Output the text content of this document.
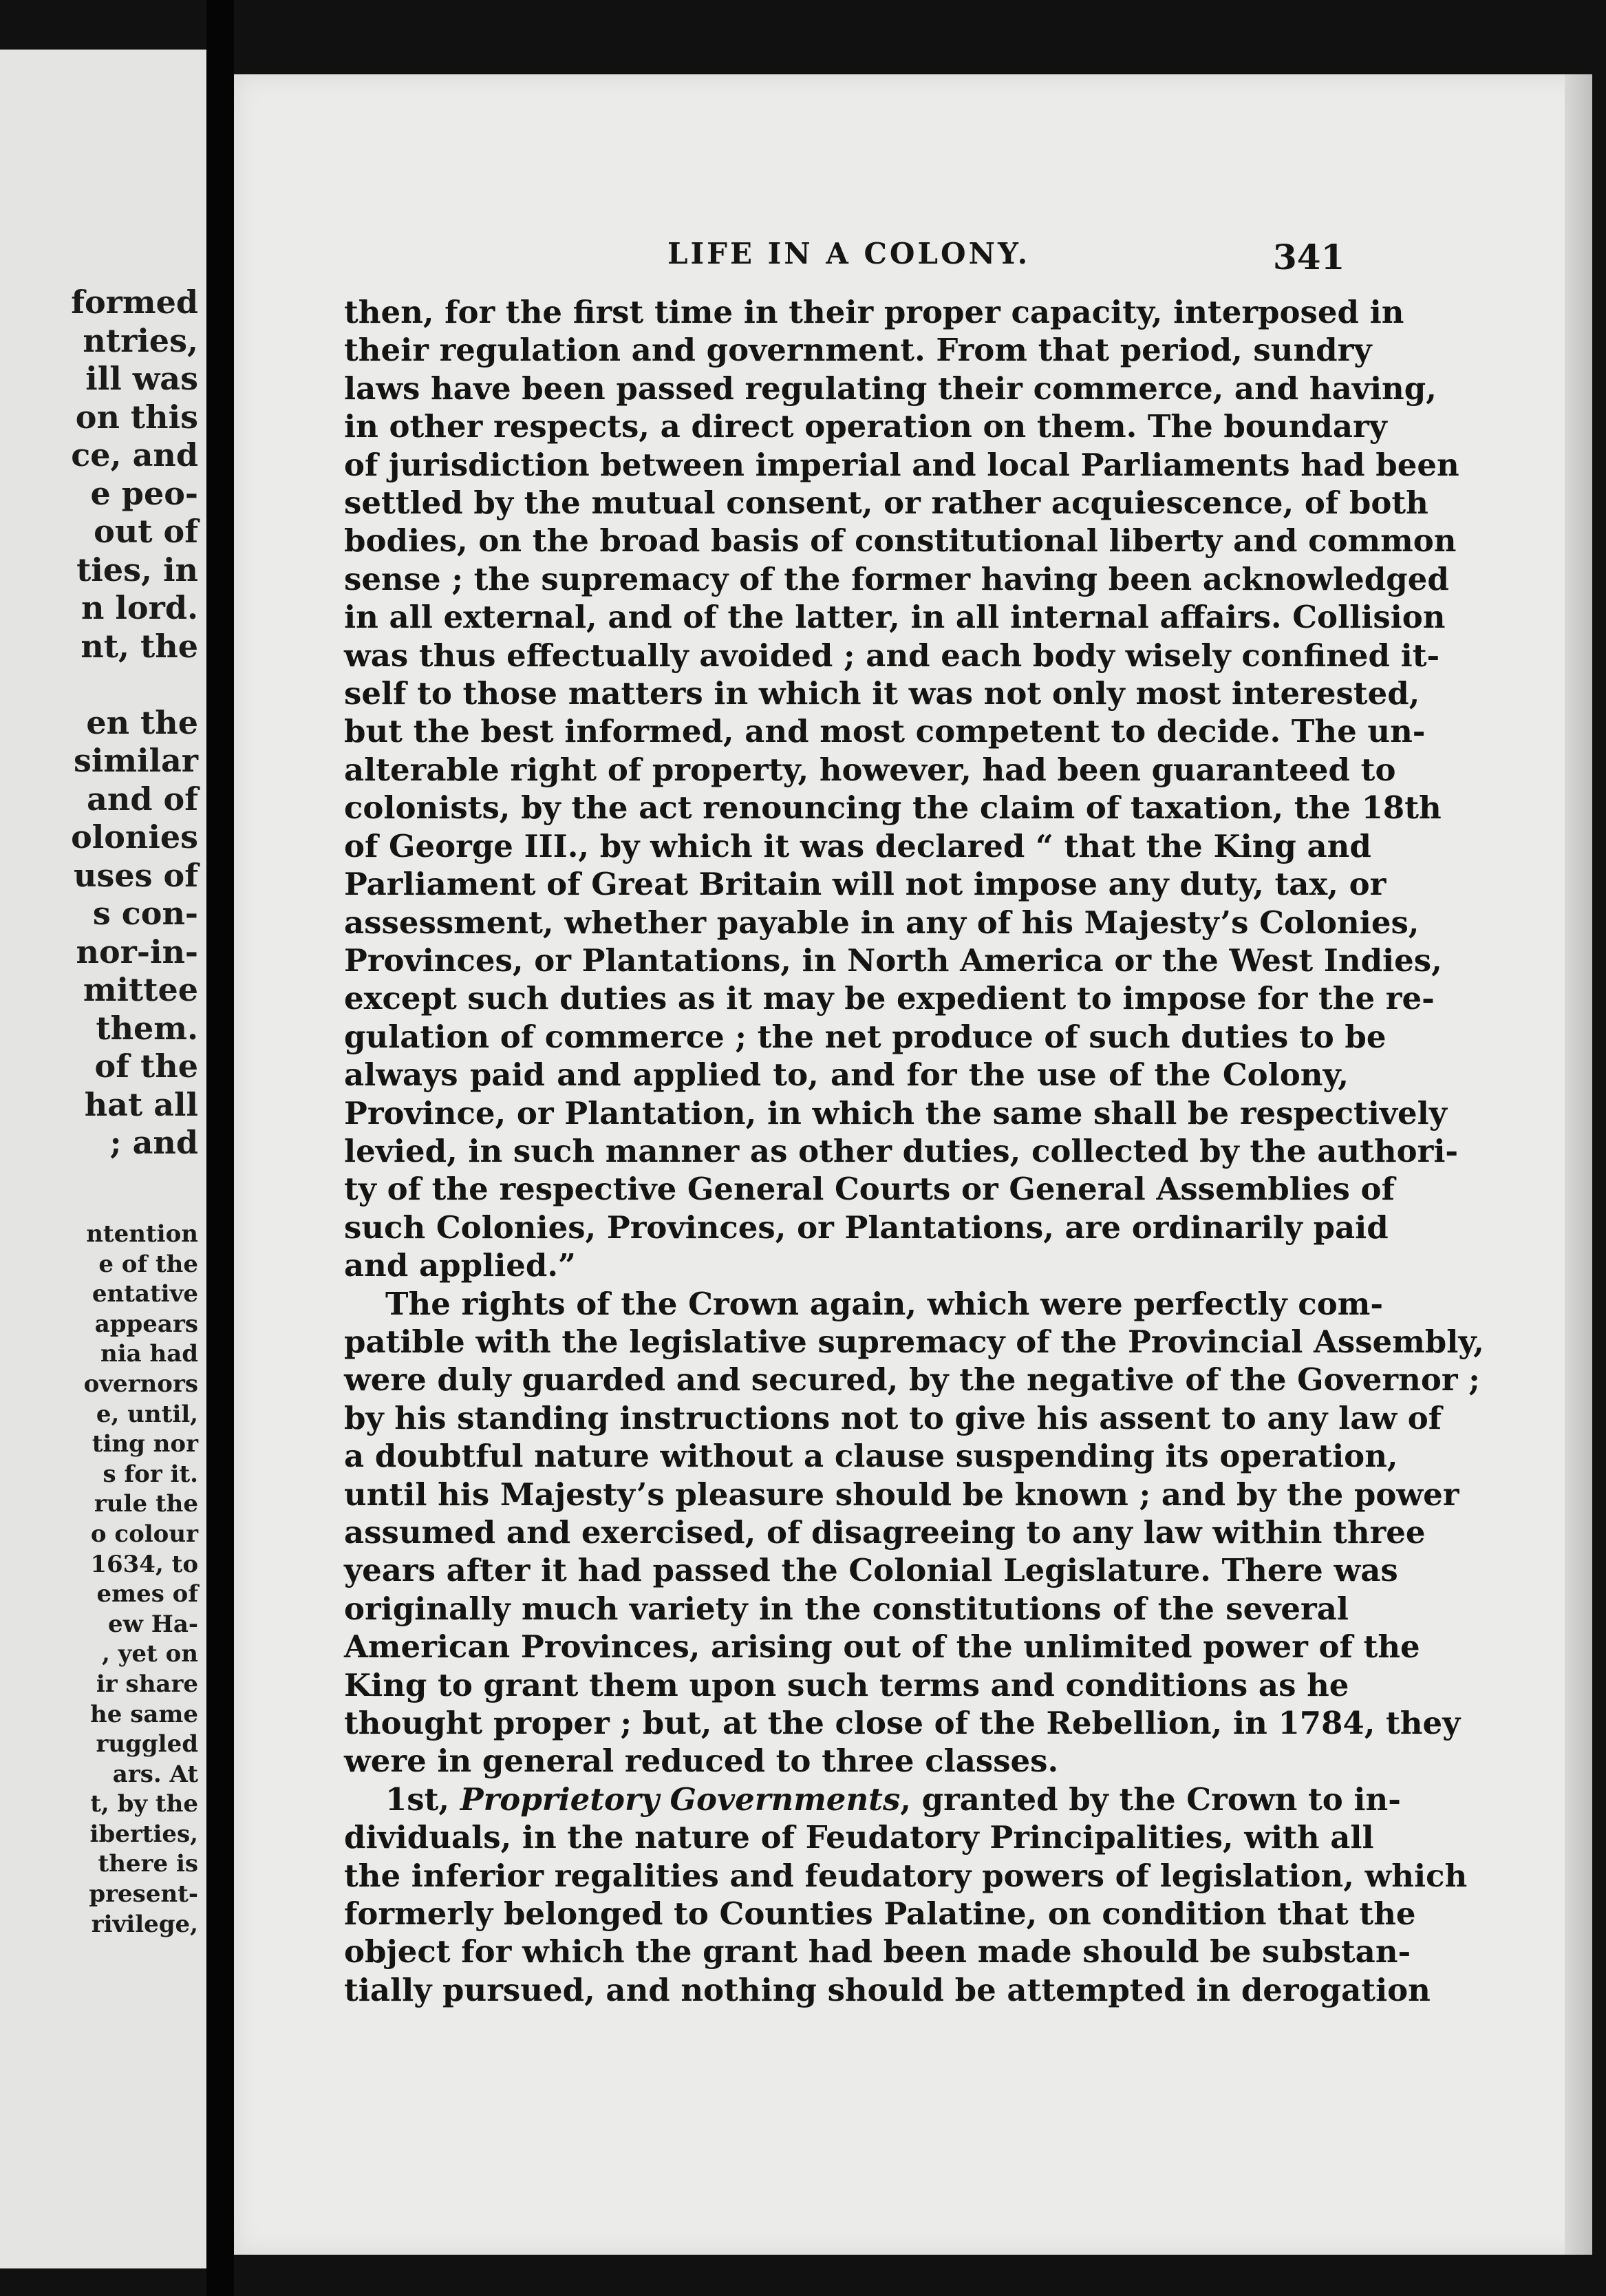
formed
ntries,
ill was
on this
ce, and
e peo-
out of
ties, in
n lord.
nt, the

en the
similar
and of
olonies
uses of
s con-
nor-in-
mittee
them.
of the
hat all
; and
ntention
e of the
entative
appears
nia had
overnors
e, until,
ting nor
s for it.
rule the
o colour
1634, to
emes of
ew Ha-
, yet on
ir share
he same
ruggled
ars. At
t, by the
iberties,
there is
present-
rivilege,
LIFE IN A COLONY.	341
then, for the first time in their proper capacity, interposed in
their regulation and government. From that period, sundry
laws have been passed regulating their commerce, and having,
in other respects, a direct operation on them. The boundary
of jurisdiction between imperial and local Parliaments had been
settled by the mutual consent, or rather acquiescence, of both
bodies, on the broad basis of constitutional liberty and common
sense ; the supremacy of the former having been acknowledged
in all external, and of the latter, in all internal affairs. Collision
was thus effectually avoided ; and each body wisely confined it-
self to those matters in which it was not only most interested,
but the best informed, and most competent to decide. The un-
alterable right of property, however, had been guaranteed to
colonists, by the act renouncing the claim of taxation, the 18th
of George III., by which it was declared “ that the King and
Parliament of Great Britain will not impose any duty, tax, or
assessment, whether payable in any of his Majesty’s Colonies,
Provinces, or Plantations, in North America or the West Indies,
except such duties as it may be expedient to impose for the re-
gulation of commerce ; the net produce of such duties to be
always paid and applied to, and for the use of the Colony,
Province, or Plantation, in which the same shall be respectively
levied, in such manner as other duties, collected by the authori-
ty of the respective General Courts or General Assemblies of
such Colonies, Provinces, or Plantations, are ordinarily paid
and applied.”
The rights of the Crown again, which were perfectly com-
patible with the legislative supremacy of the Provincial Assembly,
were duly guarded and secured, by the negative of the Governor ;
by his standing instructions not to give his assent to any law of
a doubtful nature without a clause suspending its operation,
until his Majesty’s pleasure should be known ; and by the power
assumed and exercised, of disagreeing to any law within three
years after it had passed the Colonial Legislature. There was
originally much variety in the constitutions of the several
American Provinces, arising out of the unlimited power of the
King to grant them upon such terms and conditions as he
thought proper ; but, at the close of the Rebellion, in 1784, they
were in general reduced to three classes.
1st, Proprietory Governments, granted by the Crown to in-
dividuals, in the nature of Feudatory Principalities, with all
the inferior regalities and feudatory powers of legislation, which
formerly belonged to Counties Palatine, on condition that the
object for which the grant had been made should be substan-
tially pursued, and nothing should be attempted in derogation
